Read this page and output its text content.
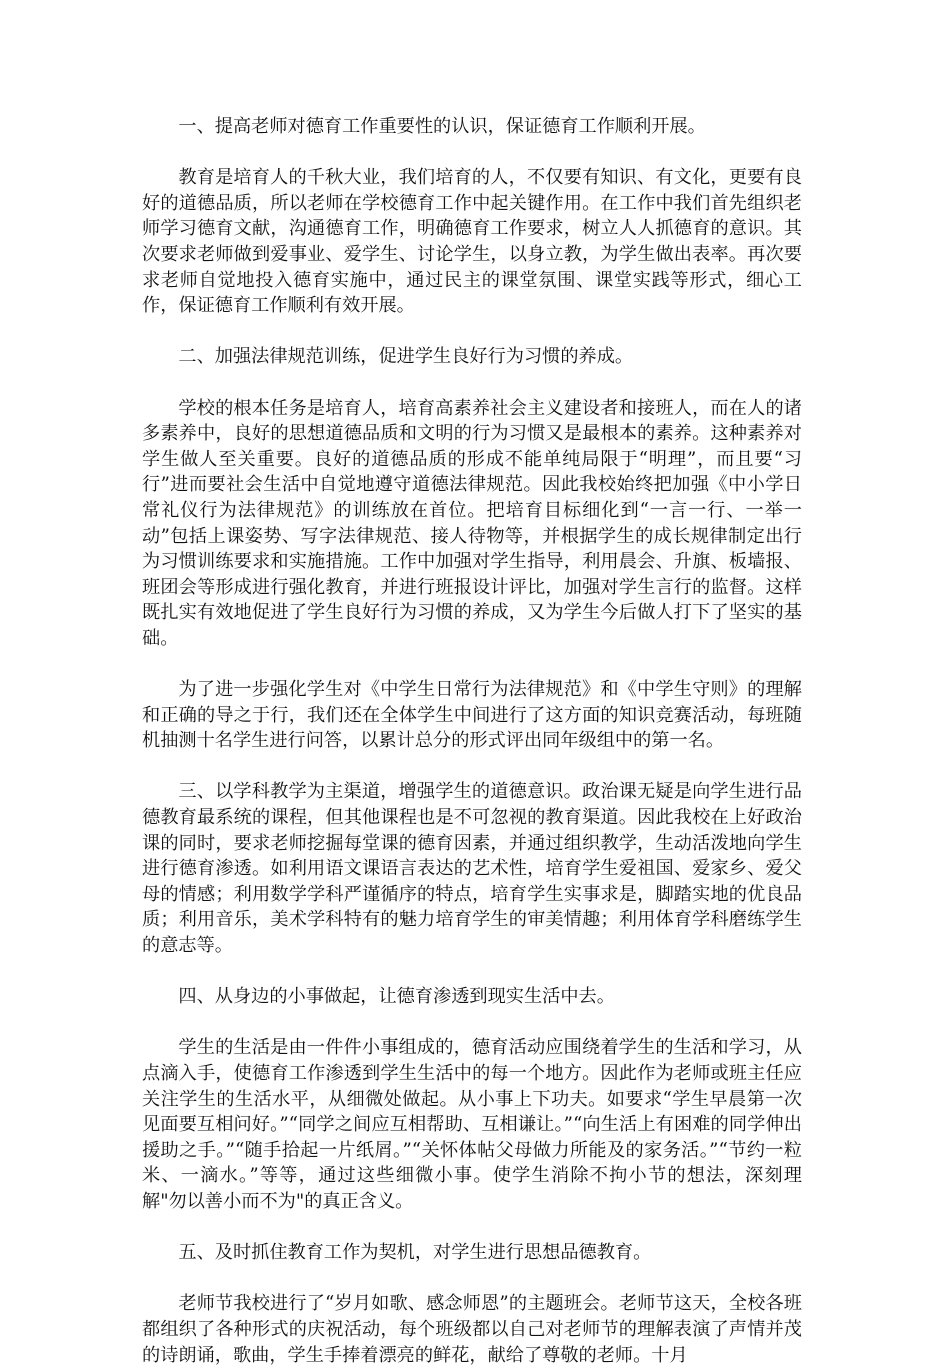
一、提高老师对德育工作重要性的认识，保证德育工作顺利开展。

教育是培育人的千秋大业，我们培育的人，不仅要有知识、有文化，更要有良好的道德品质，所以老师在学校德育工作中起关键作用。在工作中我们首先组织老师学习德育文献，沟通德育工作，明确德育工作要求，树立人人抓德育的意识。其次要求老师做到爱事业、爱学生、讨论学生，以身立教，为学生做出表率。再次要求老师自觉地投入德育实施中，通过民主的课堂氛围、课堂实践等形式，细心工作，保证德育工作顺利有效开展。

二、加强法律规范训练，促进学生良好行为习惯的养成。

学校的根本任务是培育人，培育高素养社会主义建设者和接班人，而在人的诸多素养中，良好的思想道德品质和文明的行为习惯又是最根本的素养。这种素养对学生做人至关重要。良好的道德品质的形成不能单纯局限于“明理”，而且要“习行”进而要社会生活中自觉地遵守道德法律规范。因此我校始终把加强《中小学日常礼仪行为法律规范》的训练放在首位。把培育目标细化到“一言一行、一举一动”包括上课姿势、写字法律规范、接人待物等，并根据学生的成长规律制定出行为习惯训练要求和实施措施。工作中加强对学生指导，利用晨会、升旗、板墙报、班团会等形成进行强化教育，并进行班报设计评比，加强对学生言行的监督。这样既扎实有效地促进了学生良好行为习惯的养成，又为学生今后做人打下了坚实的基础。

为了进一步强化学生对《中学生日常行为法律规范》和《中学生守则》的理解和正确的导之于行，我们还在全体学生中间进行了这方面的知识竞赛活动，每班随机抽测十名学生进行问答，以累计总分的形式评出同年级组中的第一名。

三、以学科教学为主渠道，增强学生的道德意识。政治课无疑是向学生进行品德教育最系统的课程，但其他课程也是不可忽视的教育渠道。因此我校在上好政治课的同时，要求老师挖掘每堂课的德育因素，并通过组织教学，生动活泼地向学生进行德育渗透。如利用语文课语言表达的艺术性，培育学生爱祖国、爱家乡、爱父母的情感；利用数学学科严谨循序的特点，培育学生实事求是，脚踏实地的优良品质；利用音乐，美术学科特有的魅力培育学生的审美情趣；利用体育学科磨练学生的意志等。

四、从身边的小事做起，让德育渗透到现实生活中去。

学生的生活是由一件件小事组成的，德育活动应围绕着学生的生活和学习，从点滴入手，使德育工作渗透到学生生活中的每一个地方。因此作为老师或班主任应关注学生的生活水平，从细微处做起。从小事上下功夫。如要求“学生早晨第一次见面要互相问好。”“同学之间应互相帮助、互相谦让。”“向生活上有困难的同学伸出援助之手。”“随手拾起一片纸屑。”“关怀体帖父母做力所能及的家务活。”“节约一粒米、一滴水。”等等，通过这些细微小事。使学生消除不拘小节的想法，深刻理解"勿以善小而不为"的真正含义。

五、及时抓住教育工作为契机，对学生进行思想品德教育。

老师节我校进行了“岁月如歌、感念师恩”的主题班会。老师节这天，全校各班都组织了各种形式的庆祝活动，每个班级都以自己对老师节的理解表演了声情并茂的诗朗诵，歌曲，学生手捧着漂亮的鲜花，献给了尊敬的老师。十月
